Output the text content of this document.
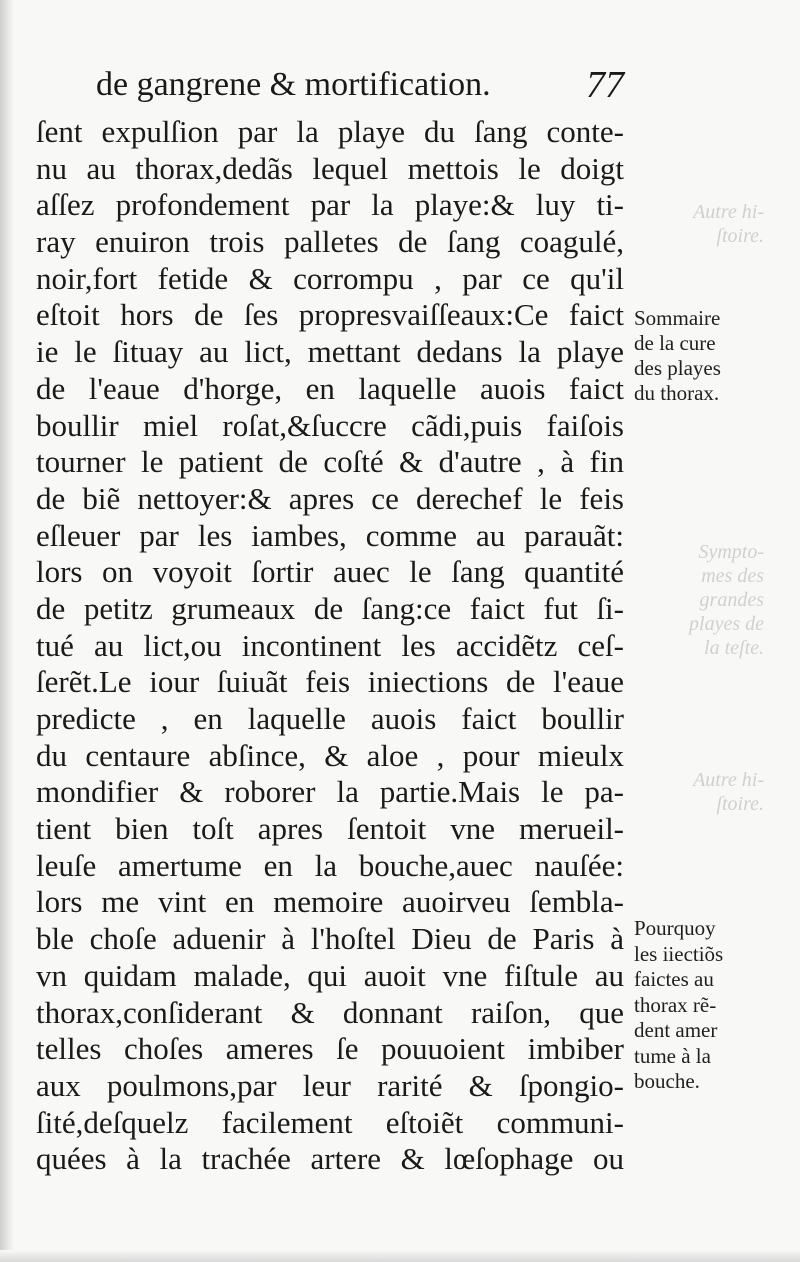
de gangrene & mortification.	77
ſent expulſion par la playe du ſang conte-
nu au thorax,dedãs lequel mettois le doigt
aſſez profondement par la playe:& luy ti-
ray enuiron trois palletes de ſang coagulé,
noir,fort fetide & corrompu , par ce qu'il
eſtoit hors de ſes propresvaiſſeaux:Ce faict
ie le ſituay au lict, mettant dedans la playe
de l'eaue d'horge, en laquelle auois faict
boullir miel roſat,&ſuccre cãdi,puis faiſois
tourner le patient de coſté & d'autre , à fin
de biẽ nettoyer:& apres ce derechef le feis
eſleuer par les iambes, comme au parauãt:
lors on voyoit ſortir auec le ſang quantité
de petitz grumeaux de ſang:ce faict fut ſi-
tué au lict,ou incontinent les accidẽtz ceſ-
ſerẽt.Le iour ſuiuãt feis iniections de l'eaue
predicte , en laquelle auois faict boullir
du centaure abſince, & aloe , pour mieulx
mondifier & roborer la partie.Mais le pa-
tient bien toſt apres ſentoit vne merueil-
leuſe amertume en la bouche,auec nauſée:
lors me vint en memoire auoirveu ſembla-
ble choſe aduenir à l'hoſtel Dieu de Paris à
vn quidam malade, qui auoit vne fiſtule au
thorax,conſiderant & donnant raiſon, que
telles choſes ameres ſe pouuoient imbiber
aux poulmons,par leur rarité & ſpongio-
ſité,deſquelz facilement eſtoiẽt communi-
quées à la trachée artere & lœſophage ou
Sommaire
de la cure
des playes
du thorax.
Pourquoy
les iiectiõs
faictes au
thorax rẽ-
dent amer
tume à la
bouche.
Autre hi-
ſtoire.
Sympto-
mes des
grandes
playes de
la teſte.
Autre hi-
ſtoire.
